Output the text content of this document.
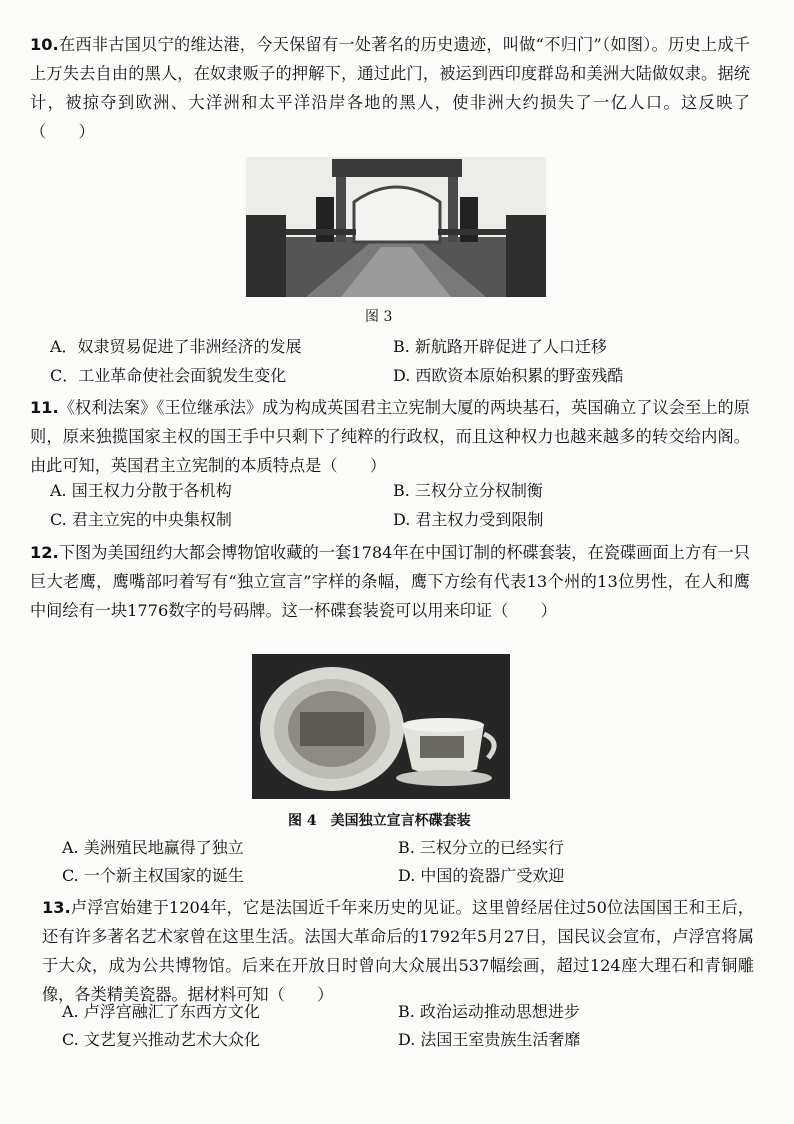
10.在西非古国贝宁的维达港，今天保留有一处著名的历史遗迹，叫做“不归门”（如图）。历史上成千上万失去自由的黑人，在奴隶贩子的押解下，通过此门，被运到西印度群岛和美洲大陆做奴隶。据统计，被掠夺到欧洲、大洋洲和太平洋沿岸各地的黑人，使非洲大约损失了一亿人口。这反映了（　　）
图 3
A．奴隶贸易促进了非洲经济的发展	B. 新航路开辟促进了人口迁移
C．工业革命使社会面貌发生变化	D. 西欧资本原始积累的野蛮残酷
11.《权利法案》《王位继承法》成为构成英国君主立宪制大厦的两块基石，英国确立了议会至上的原则，原来独揽国家主权的国王手中只剩下了纯粹的行政权，而且这种权力也越来越多的转交给内阁。由此可知，英国君主立宪制的本质特点是（　　）
A. 国王权力分散于各机构	B. 三权分立分权制衡
C. 君主立宪的中央集权制	D. 君主权力受到限制
12.下图为美国纽约大都会博物馆收藏的一套1784年在中国订制的杯碟套装，在瓷碟画面上方有一只巨大老鹰，鹰嘴部叼着写有“独立宣言”字样的条幅，鹰下方绘有代表13个州的13位男性，在人和鹰中间绘有一块1776数字的号码牌。这一杯碟套装瓷可以用来印证（　　）
图 4　美国独立宣言杯碟套装
A. 美洲殖民地赢得了独立	B. 三权分立的已经实行
C. 一个新主权国家的诞生	D. 中国的瓷器广受欢迎
13.卢浮宫始建于1204年，它是法国近千年来历史的见证。这里曾经居住过50位法国国王和王后，还有许多著名艺术家曾在这里生活。法国大革命后的1792年5月27日，国民议会宣布，卢浮宫将属于大众，成为公共博物馆。后来在开放日时曾向大众展出537幅绘画，超过124座大理石和青铜雕像，各类精美瓷器。据材料可知（　　）
A. 卢浮宫融汇了东西方文化	B. 政治运动推动思想进步
C. 文艺复兴推动艺术大众化	D. 法国王室贵族生活奢靡
